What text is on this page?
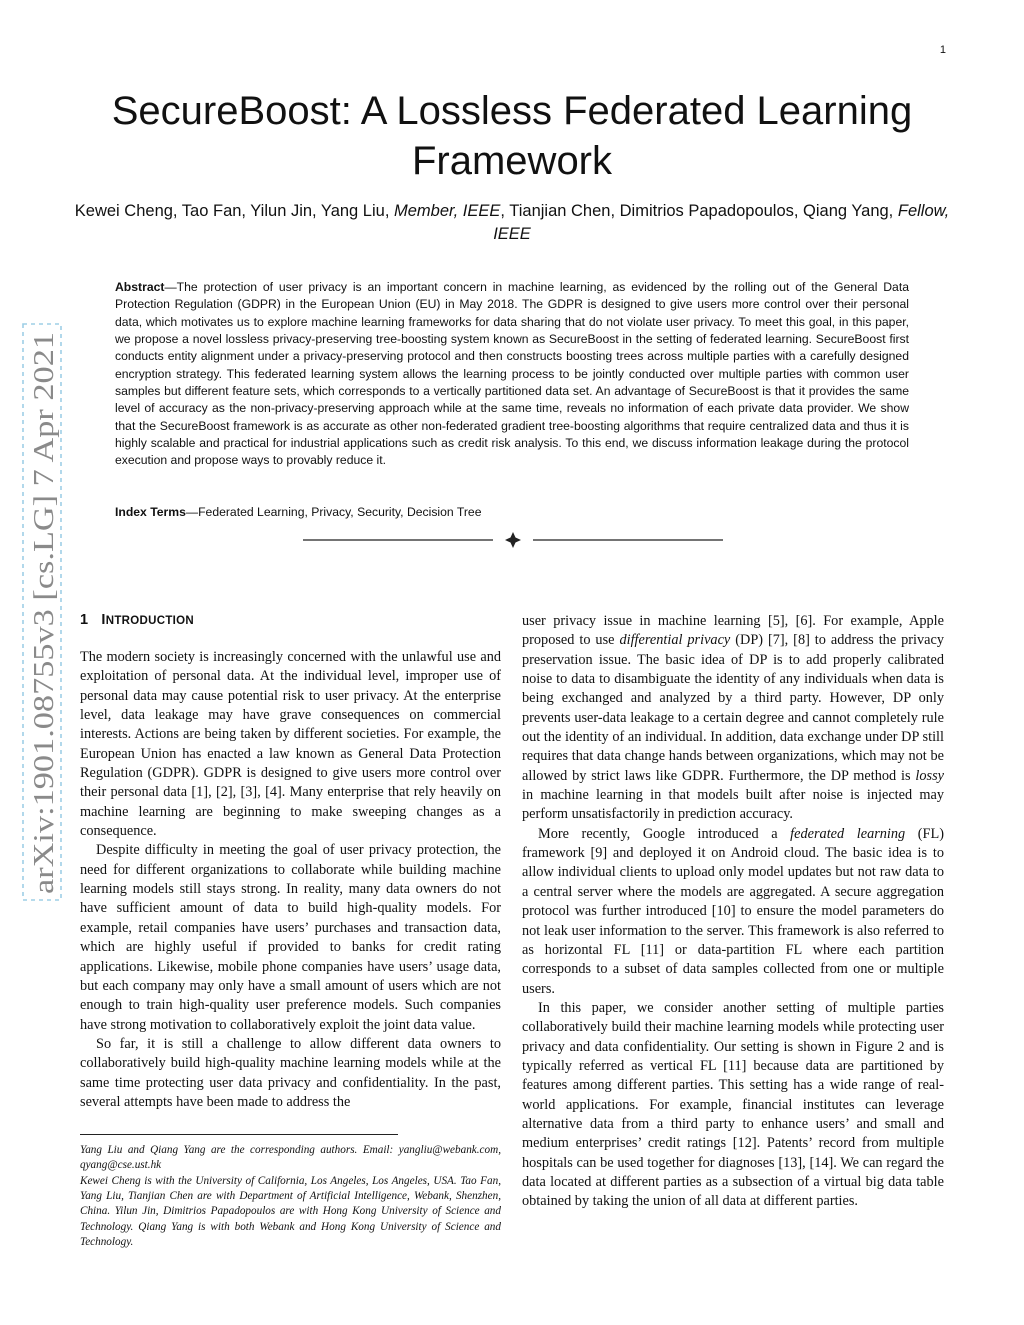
1
SecureBoost: A Lossless Federated Learning Framework
Kewei Cheng, Tao Fan, Yilun Jin, Yang Liu, Member, IEEE, Tianjian Chen, Dimitrios Papadopoulos, Qiang Yang, Fellow, IEEE
Abstract—The protection of user privacy is an important concern in machine learning, as evidenced by the rolling out of the General Data Protection Regulation (GDPR) in the European Union (EU) in May 2018. The GDPR is designed to give users more control over their personal data, which motivates us to explore machine learning frameworks for data sharing that do not violate user privacy. To meet this goal, in this paper, we propose a novel lossless privacy-preserving tree-boosting system known as SecureBoost in the setting of federated learning. SecureBoost first conducts entity alignment under a privacy-preserving protocol and then constructs boosting trees across multiple parties with a carefully designed encryption strategy. This federated learning system allows the learning process to be jointly conducted over multiple parties with common user samples but different feature sets, which corresponds to a vertically partitioned data set. An advantage of SecureBoost is that it provides the same level of accuracy as the non-privacy-preserving approach while at the same time, reveals no information of each private data provider. We show that the SecureBoost framework is as accurate as other non-federated gradient tree-boosting algorithms that require centralized data and thus it is highly scalable and practical for industrial applications such as credit risk analysis. To this end, we discuss information leakage during the protocol execution and propose ways to provably reduce it.
Index Terms—Federated Learning, Privacy, Security, Decision Tree
arXiv:1901.08755v3 [cs.LG] 7 Apr 2021 1 INTRODUCTION

The modern society is increasingly concerned with the unlawful use and exploitation of personal data. At the individual level, improper use of personal data may cause potential risk to user privacy. At the enterprise level, data leakage may have grave consequences on commercial interests. Actions are being taken by different societies. For example, the European Union has enacted a law known as General Data Protection Regulation (GDPR). GDPR is designed to give users more control over their personal data [1], [2], [3], [4]. Many enterprise that rely heavily on machine learning are beginning to make sweeping changes as a consequence.

Despite difficulty in meeting the goal of user privacy protection, the need for different organizations to collaborate while building machine learning models still stays strong. In reality, many data owners do not have sufficient amount of data to build high-quality models. For example, retail companies have users’ purchases and transaction data, which are highly useful if provided to banks for credit rating applications. Likewise, mobile phone companies have users’ usage data, but each company may only have a small amount of users which are not enough to train high-quality user preference models. Such companies have strong motivation to collaboratively exploit the joint data value.

So far, it is still a challenge to allow different data owners to collaboratively build high-quality machine learning models while at the same time protecting user data privacy and confidentiality. In the past, several attempts have been made to address the

Yang Liu and Qiang Yang are the corresponding authors. Email: yangliu@webank.com, qyang@cse.ust.hk

Kewei Cheng is with the University of California, Los Angeles, Los Angeles, USA. Tao Fan, Yang Liu, Tianjian Chen are with Department of Artificial Intelligence, Webank, Shenzhen, China. Yilun Jin, Dimitrios Papadopoulos are with Hong Kong University of Science and Technology. Qiang Yang is with both Webank and Hong Kong University of Science and Technology.

user privacy issue in machine learning [5], [6]. For example, Apple proposed to use differential privacy (DP) [7], [8] to address the privacy preservation issue. The basic idea of DP is to add properly calibrated noise to data to disambiguate the identity of any individuals when data is being exchanged and analyzed by a third party. However, DP only prevents user-data leakage to a certain degree and cannot completely rule out the identity of an individual. In addition, data exchange under DP still requires that data change hands between organizations, which may not be allowed by strict laws like GDPR. Furthermore, the DP method is lossy in machine learning in that models built after noise is injected may perform unsatisfactorily in prediction accuracy.

More recently, Google introduced a federated learning (FL) framework [9] and deployed it on Android cloud. The basic idea is to allow individual clients to upload only model updates but not raw data to a central server where the models are aggregated. A secure aggregation protocol was further introduced [10] to ensure the model parameters do not leak user information to the server. This framework is also referred to as horizontal FL [11] or data-partition FL where each partition corresponds to a subset of data samples collected from one or multiple users.

In this paper, we consider another setting of multiple parties collaboratively build their machine learning models while protecting user privacy and data confidentiality. Our setting is shown in Figure 2 and is typically referred as vertical FL [11] because data are partitioned by features among different parties. This setting has a wide range of real-world applications. For example, financial institutes can leverage alternative data from a third party to enhance users’ and small and medium enterprises’ credit ratings [12]. Patents’ record from multiple hospitals can be used together for diagnoses [13], [14]. We can regard the data located at different parties as a subsection of a virtual big data table obtained by taking the union of all data at different parties.
